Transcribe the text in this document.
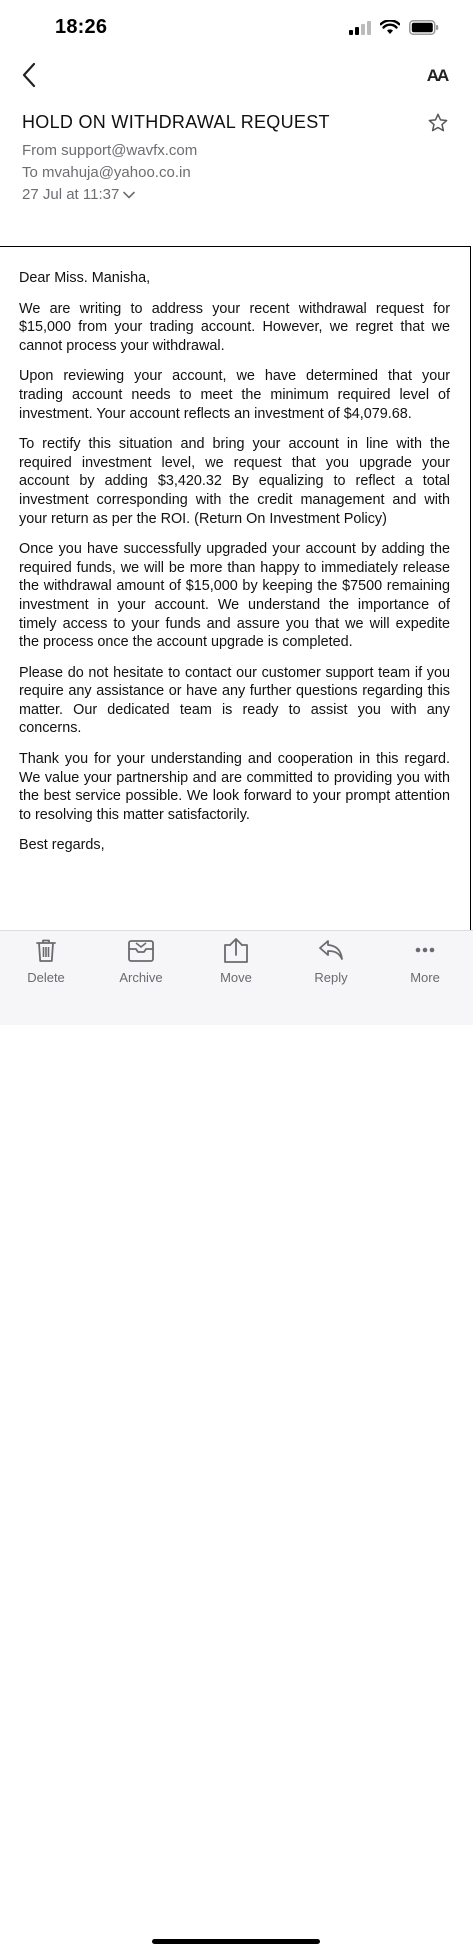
18:26
AA
HOLD ON WITHDRAWAL REQUEST
From support@wavfx.com
To mvahuja@yahoo.co.in
27 Jul at 11:37

Dear Miss. Manisha,

We are writing to address your recent withdrawal request for $15,000 from your trading account. However, we regret that we cannot process your withdrawal.

Upon reviewing your account, we have determined that your trading account needs to meet the minimum required level of investment. Your account reflects an investment of $4,079.68.

To rectify this situation and bring your account in line with the required investment level, we request that you upgrade your account by adding $3,420.32 By equalizing to reflect a total investment corresponding with the credit management and with your return as per the ROI. (Return On Investment Policy)

Once you have successfully upgraded your account by adding the required funds, we will be more than happy to immediately release the withdrawal amount of $15,000 by keeping the $7500 remaining investment in your account. We understand the importance of timely access to your funds and assure you that we will expedite the process once the account upgrade is completed.

Please do not hesitate to contact our customer support team if you require any assistance or have any further questions regarding this matter. Our dedicated team is ready to assist you with any concerns.

Thank you for your understanding and cooperation in this regard. We value your partnership and are committed to providing you with the best service possible. We look forward to your prompt attention to resolving this matter satisfactorily.

Best regards,

Delete	Archive	Move	Reply	More
